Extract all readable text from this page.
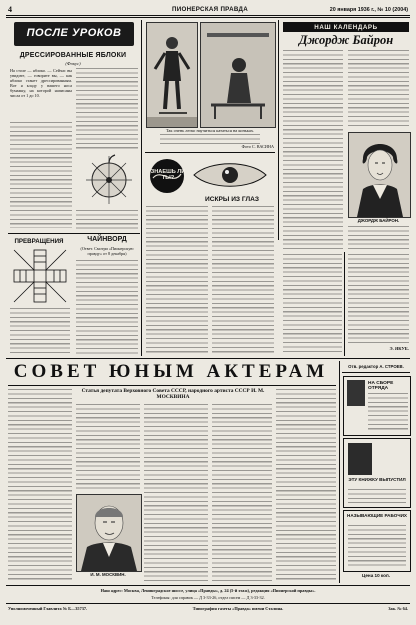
4	ПИОНЕРСКАЯ ПРАВДА	20 января 1936 г., № 10 (2004)
ПОСЛЕ УРОКОВ
ДРЕССИРОВАННЫЕ ЯБЛОКИ
(Фокус)
На столе — яблоко. — Сейчас вы увидите, — говорите вы, — как яблоко станет дрессированным. Вот я кладу у вашего носа бумажку, на которой написаны числа от 1 до 10.
ПРЕВРАЩЕНИЯ	ЧАЙНВОРД
(Ответ. Смотри «Пионерскую правду» от 8 декабря)
Так очень легко научиться кататься на коньках.
Фото С. ВАСИНА
ЗНАЕШЬ ЛИ ТЫ?
ИСКРЫ ИЗ ГЛАЗ
НАШ КАЛЕНДАРЬ
Джордж Байрон
ДЖОРДЖ БАЙРОН.
Э. ЯКУБ.
СОВЕТ ЮНЫМ АКТЕРАМ
Статья депутата Верховного Совета СССР, народного артиста СССР И. М. МОСКВИНА
И. М. МОСКВИН.
Отв. редактор А. СТРОЕВ.
НА СБОРЕ ОТРЯДА
ЭТУ КНИЖКУ ВЫПУСТИЛ
НАЗЫВАЮЩИЕ РАБОЧИХ
Цена 10 коп.
Наш адрес: Москва, Ленинградское шоссе, улица «Правды», д. 24 (5-й этаж), редакция «Пионерской правды».
Телефоны: для справок — Д 3-33-26, отдел писем — Д 3-33-32.
Уполномоченный Главлита № Б—35737.	Типография газеты «Правда» имени Сталина.	Зак. № 64.
